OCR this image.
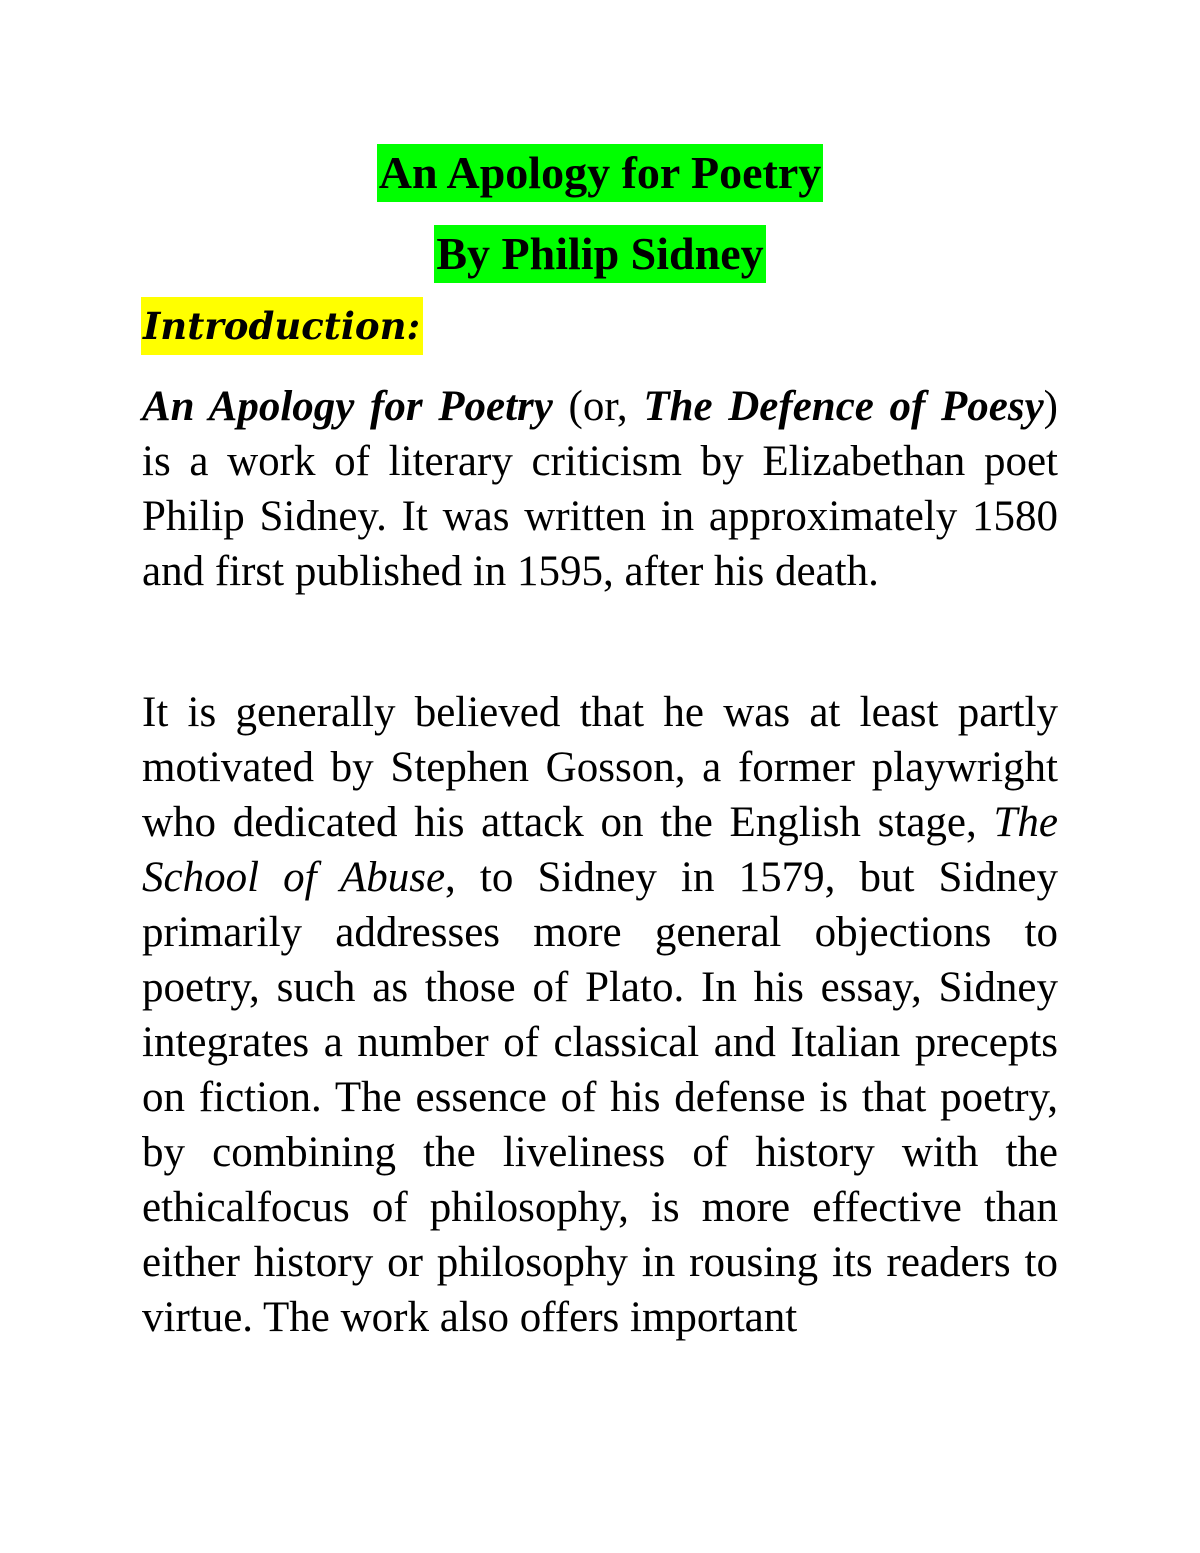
An Apology for Poetry
By Philip Sidney
Introduction:

An Apology for Poetry (or, The Defence of Poesy) is a work of literary criticism by Elizabethan poet Philip Sidney. It was written in approximately 1580 and first published in 1595, after his death.

It is generally believed that he was at least partly motivated by Stephen Gosson, a former playwright who dedicated his attack on the English stage, The School of Abuse, to Sidney in 1579, but Sidney primarily addresses more general objections to poetry, such as those of Plato. In his essay, Sidney integrates a number of classical and Italian precepts on fiction. The essence of his defense is that poetry, by combining the liveliness of history with the ethicalfocus of philosophy, is more effective than either history or philosophy in rousing its readers to virtue. The work also offers important
